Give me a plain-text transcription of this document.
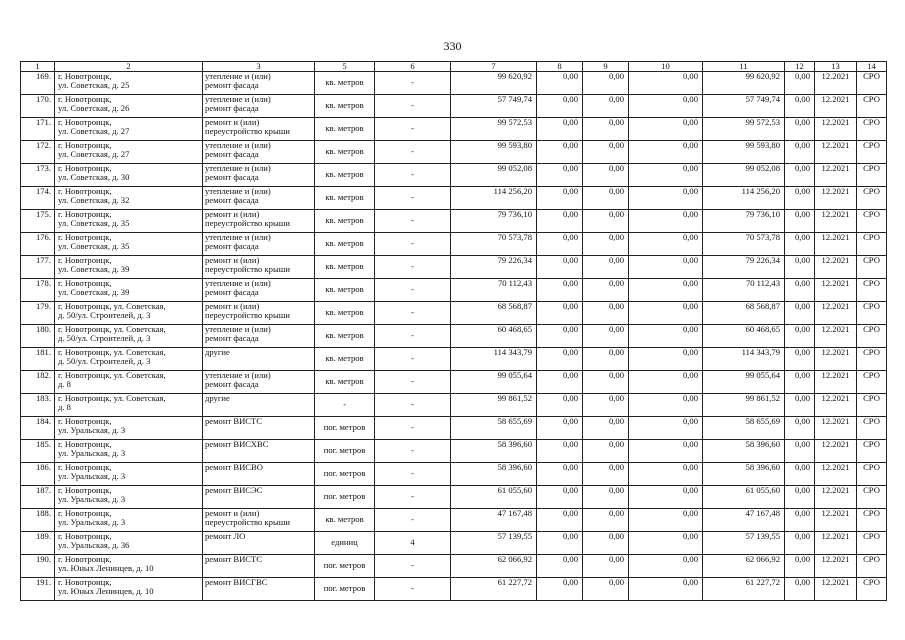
330
1	2	3	5	6	7	8	9	10	11	12	13	14
169.	г. Новотроицк,
ул. Советская, д. 25	утепление и (или)
ремонт фасада	кв. метров	-	99 620,92	0,00	0,00	0,00	99 620,92	0,00	12.2021	СРО
170.	г. Новотроицк,
ул. Советская, д. 26	утепление и (или)
ремонт фасада	кв. метров	-	57 749,74	0,00	0,00	0,00	57 749,74	0,00	12.2021	СРО
171.	г. Новотроицк,
ул. Советская, д. 27	ремонт и (или)
переустройство крыши	кв. метров	-	99 572,53	0,00	0,00	0,00	99 572,53	0,00	12.2021	СРО
172.	г. Новотроицк,
ул. Советская, д. 27	утепление и (или)
ремонт фасада	кв. метров	-	99 593,80	0,00	0,00	0,00	99 593,80	0,00	12.2021	СРО
173.	г. Новотроицк,
ул. Советская, д. 30	утепление и (или)
ремонт фасада	кв. метров	-	99 052,08	0,00	0,00	0,00	99 052,08	0,00	12.2021	СРО
174.	г. Новотроицк,
ул. Советская, д. 32	утепление и (или)
ремонт фасада	кв. метров	-	114 256,20	0,00	0,00	0,00	114 256,20	0,00	12.2021	СРО
175.	г. Новотроицк,
ул. Советская, д. 35	ремонт и (или)
переустройство крыши	кв. метров	-	79 736,10	0,00	0,00	0,00	79 736,10	0,00	12.2021	СРО
176.	г. Новотроицк,
ул. Советская, д. 35	утепление и (или)
ремонт фасада	кв. метров	-	70 573,78	0,00	0,00	0,00	70 573,78	0,00	12.2021	СРО
177.	г. Новотроицк,
ул. Советская, д. 39	ремонт и (или)
переустройство крыши	кв. метров	-	79 226,34	0,00	0,00	0,00	79 226,34	0,00	12.2021	СРО
178.	г. Новотроицк,
ул. Советская, д. 39	утепление и (или)
ремонт фасада	кв. метров	-	70 112,43	0,00	0,00	0,00	70 112,43	0,00	12.2021	СРО
179.	г. Новотроицк, ул. Советская,
д. 50/ул. Строителей, д. 3	ремонт и (или)
переустройство крыши	кв. метров	-	68 568,87	0,00	0,00	0,00	68 568,87	0,00	12.2021	СРО
180.	г. Новотроицк, ул. Советская,
д. 50/ул. Строителей, д. 3	утепление и (или)
ремонт фасада	кв. метров	-	60 468,65	0,00	0,00	0,00	60 468,65	0,00	12.2021	СРО
181.	г. Новотроицк, ул. Советская,
д. 50/ул. Строителей, д. 3	другие	кв. метров	-	114 343,79	0,00	0,00	0,00	114 343,79	0,00	12.2021	СРО
182.	г. Новотроицк, ул. Советская,
д. 8	утепление и (или)
ремонт фасада	кв. метров	-	99 055,64	0,00	0,00	0,00	99 055,64	0,00	12.2021	СРО
183.	г. Новотроицк, ул. Советская,
д. 8	другие	-	-	99 861,52	0,00	0,00	0,00	99 861,52	0,00	12.2021	СРО
184.	г. Новотроицк,
ул. Уральская, д. 3	ремонт ВИСТС	пог. метров	-	58 655,69	0,00	0,00	0,00	58 655,69	0,00	12.2021	СРО
185.	г. Новотроицк,
ул. Уральская, д. 3	ремонт ВИСХВС	пог. метров	-	58 396,60	0,00	0,00	0,00	58 396,60	0,00	12.2021	СРО
186.	г. Новотроицк,
ул. Уральская, д. 3	ремонт ВИСВО	пог. метров	-	58 396,60	0,00	0,00	0,00	58 396,60	0,00	12.2021	СРО
187.	г. Новотроицк,
ул. Уральская, д. 3	ремонт ВИСЭС	пог. метров	-	61 055,60	0,00	0,00	0,00	61 055,60	0,00	12.2021	СРО
188.	г. Новотроицк,
ул. Уральская, д. 3	ремонт и (или)
переустройство крыши	кв. метров	-	47 167,48	0,00	0,00	0,00	47 167,48	0,00	12.2021	СРО
189.	г. Новотроицк,
ул. Уральская, д. 36	ремонт ЛО	единиц	4	57 139,55	0,00	0,00	0,00	57 139,55	0,00	12.2021	СРО
190.	г. Новотроицк,
ул. Юных Ленинцев, д. 10	ремонт ВИСТС	пог. метров	-	62 066,92	0,00	0,00	0,00	62 066,92	0,00	12.2021	СРО
191.	г. Новотроицк,
ул. Юных Ленинцев, д. 10	ремонт ВИСГВС	пог. метров	-	61 227,72	0,00	0,00	0,00	61 227,72	0,00	12.2021	СРО
